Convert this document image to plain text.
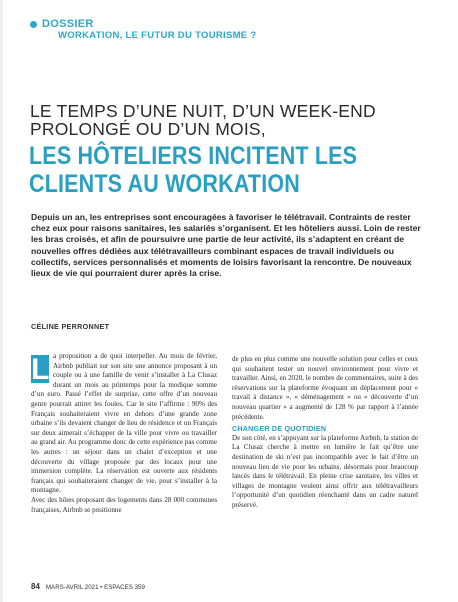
DOSSIER
WORKATION, LE FUTUR DU TOURISME ?
LE TEMPS D’UNE NUIT, D’UN WEEK-END PROLONGÉ OU D’UN MOIS,
LES HÔTELIERS INCITENT LES CLIENTS AU WORKATION
Depuis un an, les entreprises sont encouragées à favoriser le télétravail. Contraints de rester chez eux pour raisons sanitaires, les salariés s’organisent. Et les hôteliers aussi. Loin de rester les bras croisés, et afin de poursuivre une partie de leur activité, ils s’adaptent en créant de nouvelles offres dédiées aux télétravailleurs combinant espaces de travail individuels ou collectifs, services personnalisés et moments de loisirs favorisant la rencontre. De nouveaux lieux de vie qui pourraient durer après la crise.
CÉLINE PERRONNET
L a proposition a de quoi interpeller. Au mois de février, Airbnb publiait sur son site une annonce proposant à un couple ou à une famille de venir s’installer à La Clusaz durant un mois au printemps pour la modique somme d’un euro. Passé l’effet de surprise, cette offre d’un nouveau genre pourrait attirer les foules. Car le site l’affirme : 90% des Français souhaiteraient vivre en dehors d’une grande zone urbaine s’ils devaient changer de lieu de résidence et un Français sur deux aimerait s’échapper de la ville pour vivre ou travailler au grand air. Au programme donc de cette expérience pas comme les autres : un séjour dans un chalet d’exception et une découverte du village proposée par des locaux pour une immersion complète. La réservation est ouverte aux résidents français qui souhaiteraient changer de vie, pour s’installer à la montagne.

Avec des hôtes proposant des logements dans 28 000 communes françaises, Airbnb se positionne

de plus en plus comme une nouvelle solution pour celles et ceux qui souhaitent tester un nouvel environnement pour vivre et travailler. Ainsi, en 2020, le nombre de commentaires, suite à des réservations sur la plateforme évoquant un déplacement pour « travail à distance », « déménagement » ou « découverte d’un nouveau quartier » a augmenté de 128 % par rapport à l’année précédente.

CHANGER DE QUOTIDIEN

De son côté, en s’appuyant sur la plateforme Airbnb, la station de La Clusaz cherche à mettre en lumière le fait qu’être une destination de ski n’est pas incompatible avec le fait d’être un nouveau lieu de vie pour les urbains, désormais pour beaucoup lancés dans le télétravail. En pleine crise sanitaire, les villes et villages de montagne veulent ainsi offrir aux télétravailleurs l’opportunité d’un quotidien réenchanté dans un cadre naturel préservé.

84 MARS-AVRIL 2021 • ESPACES 359
